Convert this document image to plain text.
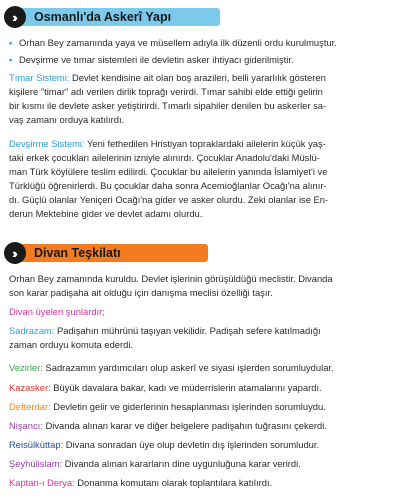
››	Osmanlı'da Askerî Yapı
• Orhan Bey zamanında yaya ve müsellem adıyla ilk düzenli ordu kurulmuştur.
• Devşirme ve tımar sistemleri ile devletin asker ihtiyacı giderilmiştir.
Tımar Sistemi: Devlet kendisine ait olan boş arazileri, belli yararlılık gösteren
kişilere "timar" adı verilen dirlik toprağı verirdi. Tımar sahibi elde ettiği gelirin
bir kısmı ile devlete asker yetiştirirdi. Tımarlı sipahiler denilen bu askerler sa-
vaş zamanı orduya katılırdı.
Devşirme Sistemi: Yeni fethedilen Hristiyan topraklardaki ailelerin küçük yaş-
taki erkek çocukları ailelerinin izniyle alınırdı. Çocuklar Anadolu'daki Müslü-
man Türk köylülere teslim edilirdi. Çocuklar bu ailelerin yanında İslamiyet'i ve
Türklüğü öğrenirlerdi. Bu çocuklar daha sonra Acemioğlanlar Ocağı'na alınır-
dı. Güçlü olanlar Yeniçeri Ocağı'na gider ve asker olurdu. Zeki olanlar ise En-
derun Mektebine gider ve devlet adamı olurdu.
››	Divan Teşkilatı
Orhan Bey zamanında kuruldu. Devlet işlerinin görüşüldüğü meclistir. Divanda
son karar padişaha ait olduğu için danışma meclisi özelliği taşır.
Divan üyeleri şunlardır;
Sadrazam: Padişahın mührünü taşıyan vekilidir. Padişah sefere katılmadığı
zaman orduyu komuta ederdi.
Vezirler: Sadrazamın yardımcıları olup askerî ve siyasi işlerden sorumluydular.
Kazasker: Büyük davalara bakar, kadı ve müderrislerin atamalarını yapardı.
Defterdar: Devletin gelir ve giderlerinin hesaplanması işlerinden sorumluydu.
Nişancı: Divanda alınan karar ve diğer belgelere padişahın tuğrasını çekerdi.
Reisülküttap: Divana sonradan üye olup devletin dış işlerinden sorumludur.
Şeyhülislam: Divanda alınan kararların dine uygunluğuna karar verirdi.
Kaptan-ı Derya: Donanma komutanı olarak toplantılara katılırdı.
